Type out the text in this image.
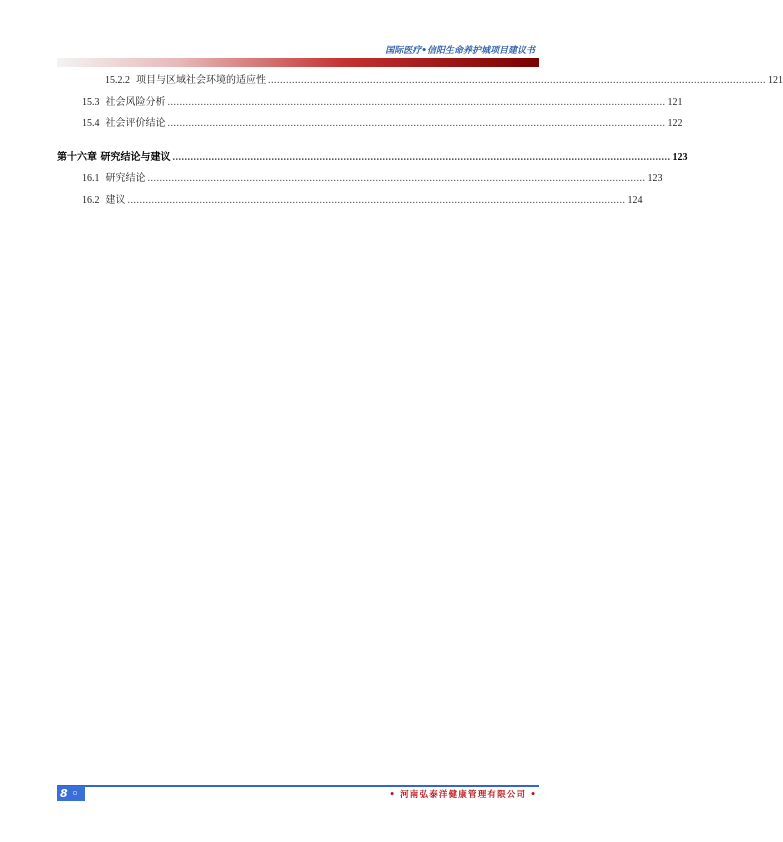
国际医疗•信阳生命养护城项目建议书
15.2.2 项目与区域社会环境的适应性 ...................................................................................................................................................................... 121
15.3 社会风险分析 ...................................................................................................................................................................... 121
15.4 社会评价结论 ...................................................................................................................................................................... 122
第十六章 研究结论与建议 ...................................................................................................................................................................... 123
16.1 研究结论 ...................................................................................................................................................................... 123
16.2 建议 ...................................................................................................................................................................... 124
8 ◦	• 河南弘泰洋健康管理有限公司 •
